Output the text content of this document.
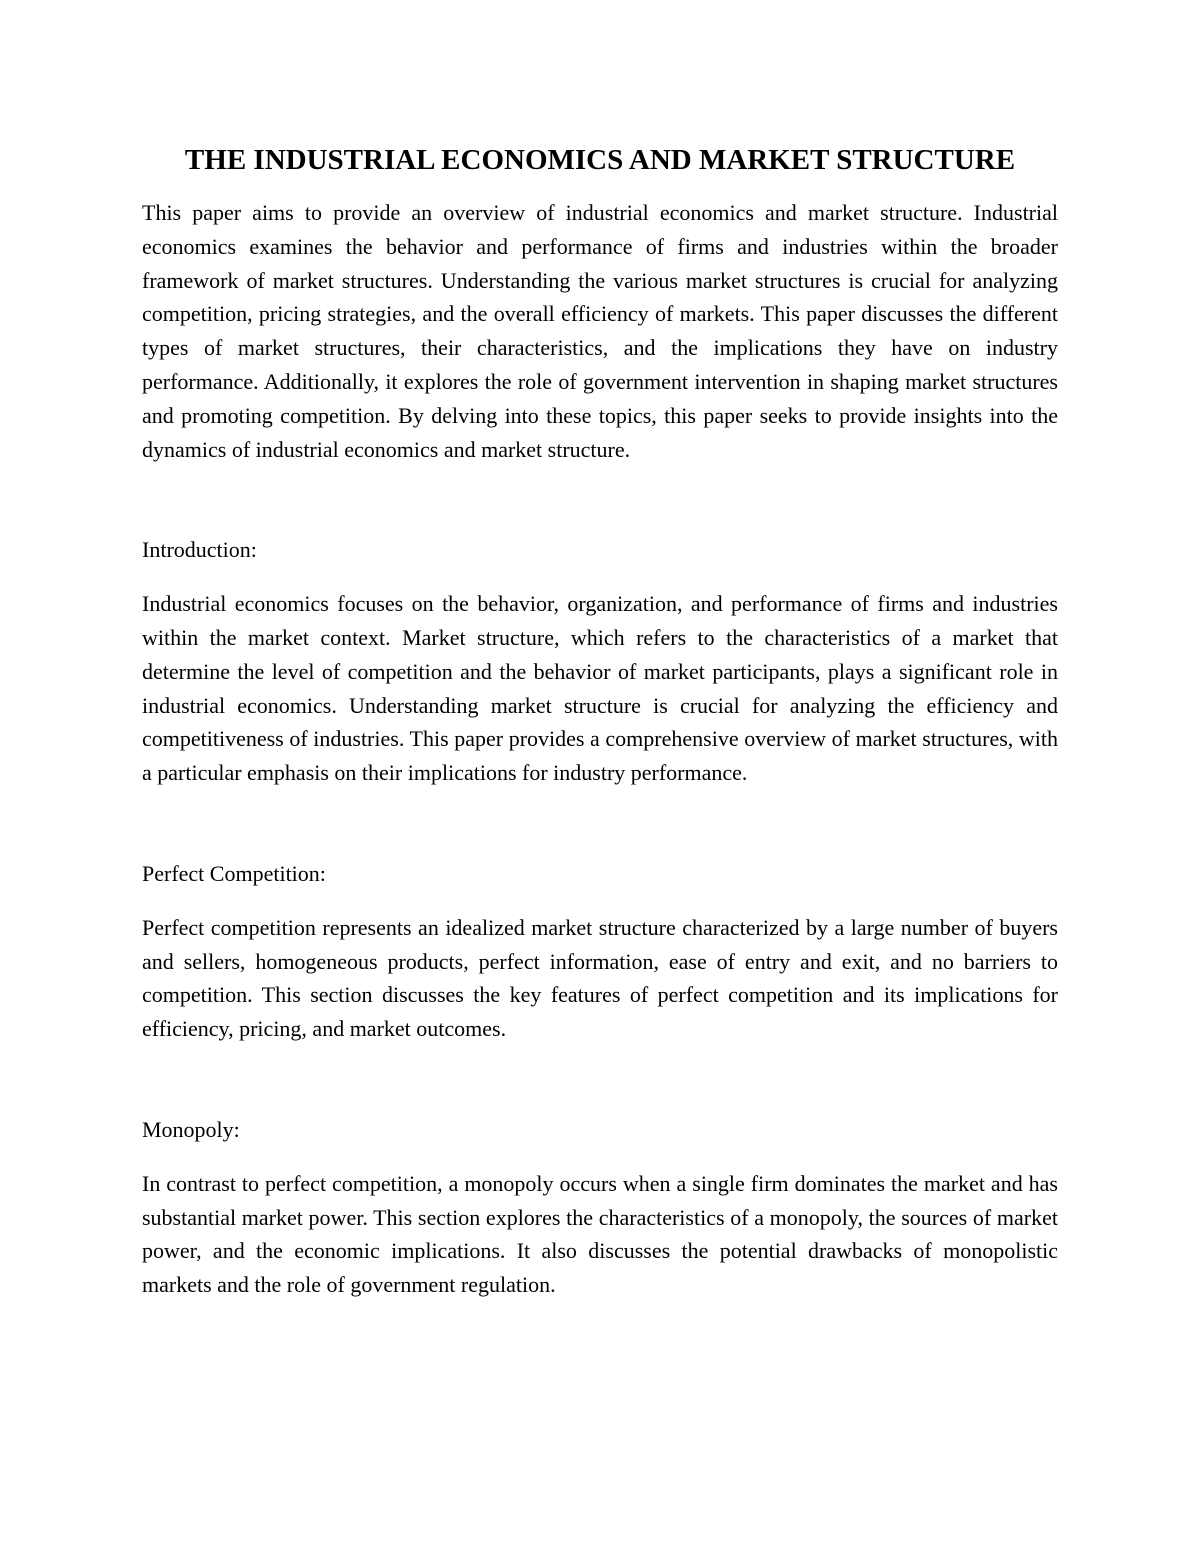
THE INDUSTRIAL ECONOMICS AND MARKET STRUCTURE

This paper aims to provide an overview of industrial economics and market structure. Industrial economics examines the behavior and performance of firms and industries within the broader framework of market structures. Understanding the various market structures is crucial for analyzing competition, pricing strategies, and the overall efficiency of markets. This paper discusses the different types of market structures, their characteristics, and the implications they have on industry performance. Additionally, it explores the role of government intervention in shaping market structures and promoting competition. By delving into these topics, this paper seeks to provide insights into the dynamics of industrial economics and market structure.

Introduction:

Industrial economics focuses on the behavior, organization, and performance of firms and industries within the market context. Market structure, which refers to the characteristics of a market that determine the level of competition and the behavior of market participants, plays a significant role in industrial economics. Understanding market structure is crucial for analyzing the efficiency and competitiveness of industries. This paper provides a comprehensive overview of market structures, with a particular emphasis on their implications for industry performance.

Perfect Competition:

Perfect competition represents an idealized market structure characterized by a large number of buyers and sellers, homogeneous products, perfect information, ease of entry and exit, and no barriers to competition. This section discusses the key features of perfect competition and its implications for efficiency, pricing, and market outcomes.

Monopoly:

In contrast to perfect competition, a monopoly occurs when a single firm dominates the market and has substantial market power. This section explores the characteristics of a monopoly, the sources of market power, and the economic implications. It also discusses the potential drawbacks of monopolistic markets and the role of government regulation.
